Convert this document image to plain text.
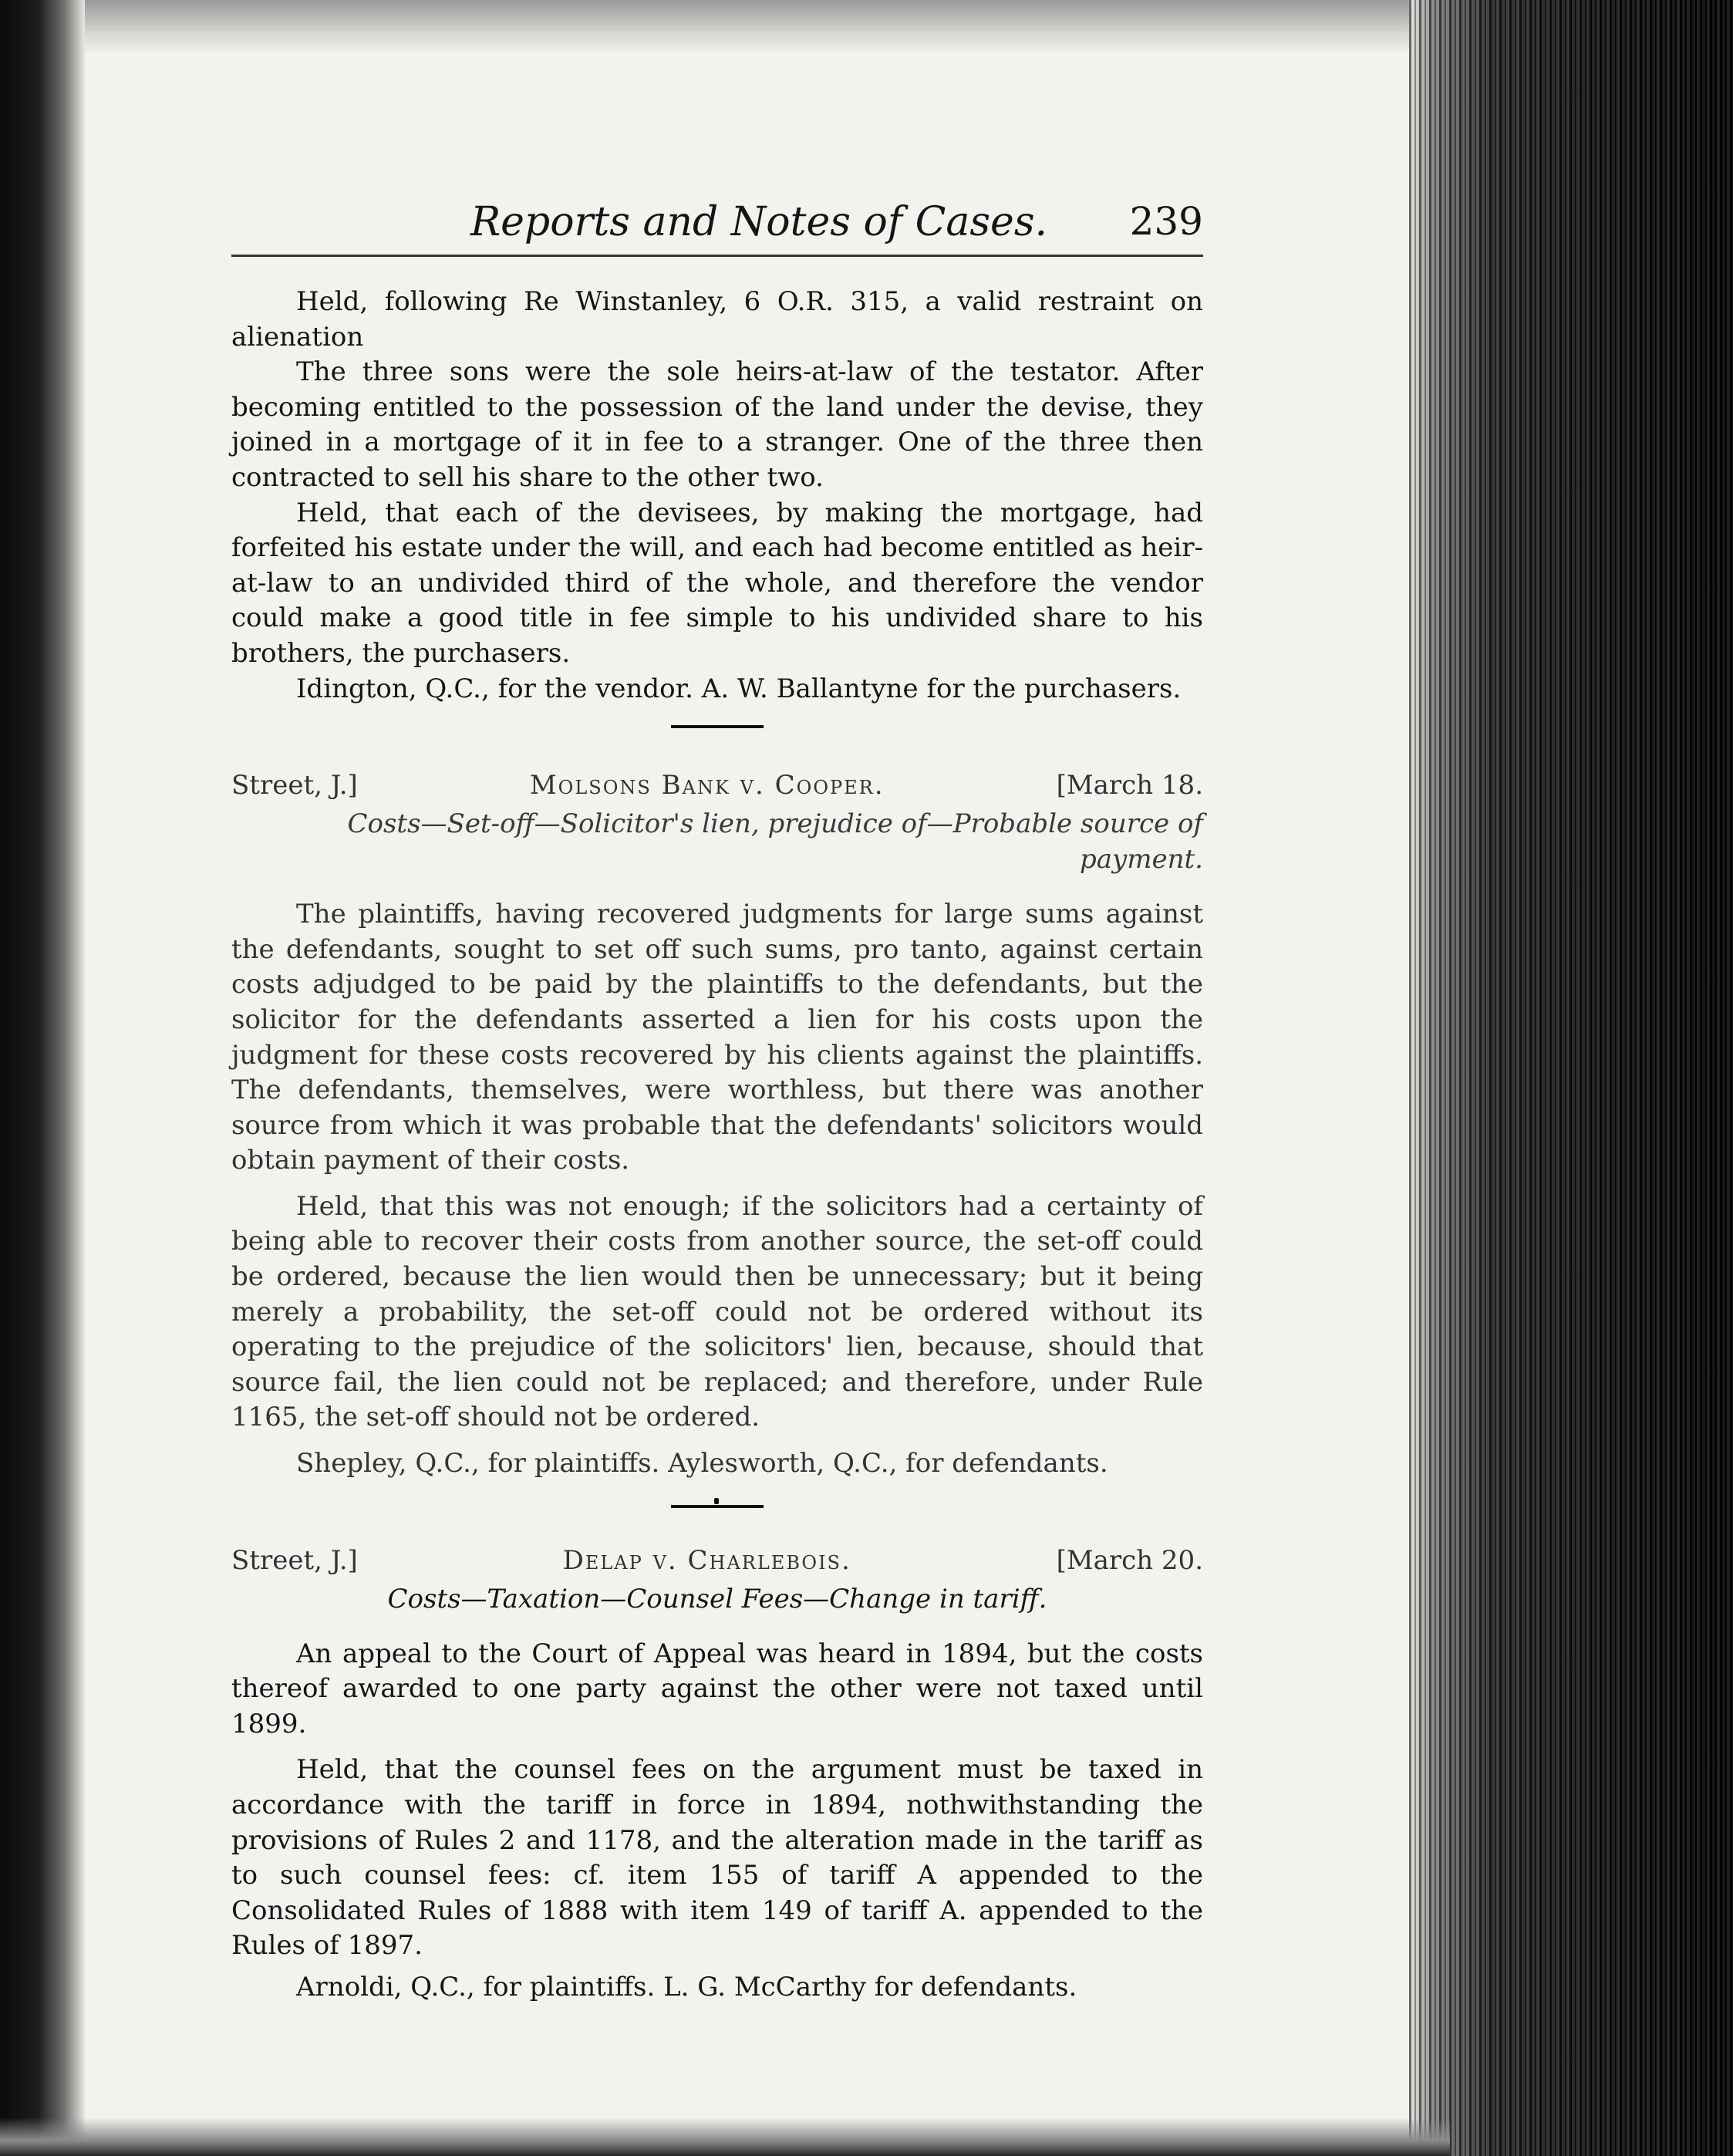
Reports and Notes of Cases. 239

Held, following Re Winstanley, 6 O.R. 315, a valid restraint on alienation

The three sons were the sole heirs-at-law of the testator. After becoming entitled to the possession of the land under the devise, they joined in a mortgage of it in fee to a stranger. One of the three then contracted to sell his share to the other two.

Held, that each of the devisees, by making the mortgage, had forfeited his estate under the will, and each had become entitled as heir-at-law to an undivided third of the whole, and therefore the vendor could make a good title in fee simple to his undivided share to his brothers, the purchasers.

Idington, Q.C., for the vendor. A. W. Ballantyne for the purchasers.

Street, J.]	Molsons Bank v. Cooper.	[March 18.
Costs—Set-off—Solicitor's lien, prejudice of—Probable source of payment.

The plaintiffs, having recovered judgments for large sums against the defendants, sought to set off such sums, pro tanto, against certain costs adjudged to be paid by the plaintiffs to the defendants, but the solicitor for the defendants asserted a lien for his costs upon the judgment for these costs recovered by his clients against the plaintiffs. The defendants, themselves, were worthless, but there was another source from which it was probable that the defendants' solicitors would obtain payment of their costs.

Held, that this was not enough; if the solicitors had a certainty of being able to recover their costs from another source, the set-off could be ordered, because the lien would then be unnecessary; but it being merely a probability, the set-off could not be ordered without its operating to the prejudice of the solicitors' lien, because, should that source fail, the lien could not be replaced; and therefore, under Rule 1165, the set-off should not be ordered.

Shepley, Q.C., for plaintiffs. Aylesworth, Q.C., for defendants.

Street, J.]	Delap v. Charlebois.	[March 20.
Costs—Taxation—Counsel Fees—Change in tariff.

An appeal to the Court of Appeal was heard in 1894, but the costs thereof awarded to one party against the other were not taxed until 1899.

Held, that the counsel fees on the argument must be taxed in accordance with the tariff in force in 1894, nothwithstanding the provisions of Rules 2 and 1178, and the alteration made in the tariff as to such counsel fees: cf. item 155 of tariff A appended to the Consolidated Rules of 1888 with item 149 of tariff A. appended to the Rules of 1897.

Arnoldi, Q.C., for plaintiffs. L. G. McCarthy for defendants.
